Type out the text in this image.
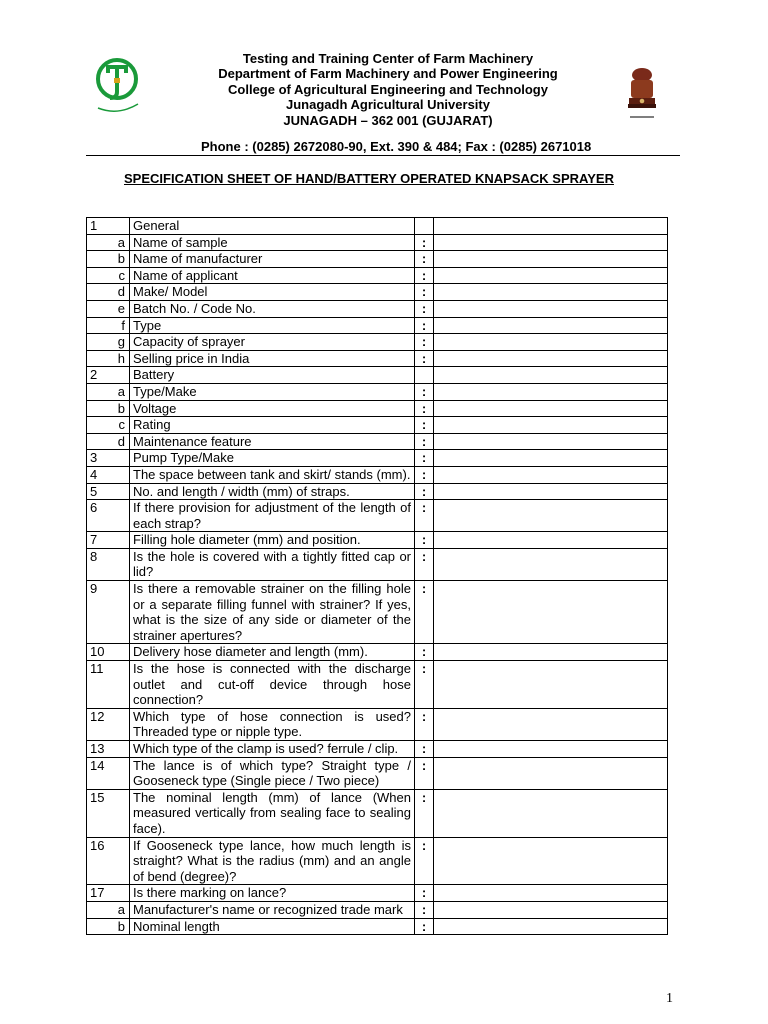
Testing and Training Center of Farm Machinery
Department of Farm Machinery and Power Engineering
College of Agricultural Engineering and Technology
Junagadh Agricultural University
JUNAGADH – 362 001 (GUJARAT)
Phone : (0285) 2672080-90, Ext. 390 & 484; Fax : (0285) 2671018
SPECIFICATION SHEET OF HAND/BATTERY OPERATED KNAPSACK SPRAYER
1	General		
a	Name of sample	:	
b	Name of manufacturer	:	
c	Name of applicant	:	
d	Make/ Model	:	
e	Batch No. / Code No.	:	
f	Type	:	
g	Capacity of sprayer	:	
h	Selling price in India	:	
2	Battery		
a	Type/Make	:	
b	Voltage	:	
c	Rating	:	
d	Maintenance feature	:	
3	Pump Type/Make	:	
4	The space between tank and skirt/ stands (mm).	:	
5	No. and length / width (mm) of straps.	:	
6	If there provision for adjustment of the length of each strap?	:	
7	Filling hole diameter (mm) and position.	:	
8	Is the hole is covered with a tightly fitted cap or lid?	:	
9	Is there a removable strainer on the filling hole or a separate filling funnel with strainer? If yes, what is the size of any side or diameter of the strainer apertures?	:	
10	Delivery hose diameter and length (mm).	:	
11	Is the hose is connected with the discharge outlet and cut-off device through hose connection?	:	
12	Which type of hose connection is used? Threaded type or nipple type.	:	
13	Which type of the clamp is used? ferrule / clip.	:	
14	The lance is of which type? Straight type / Gooseneck type (Single piece / Two piece)	:	
15	The nominal length (mm) of lance (When measured vertically from sealing face to sealing face).	:	
16	If Gooseneck type lance, how much length is straight? What is the radius (mm) and an angle of bend (degree)?	:	
17	Is there marking on lance?	:	
a	Manufacturer's name or recognized trade mark	:	
b	Nominal length	:	
1
